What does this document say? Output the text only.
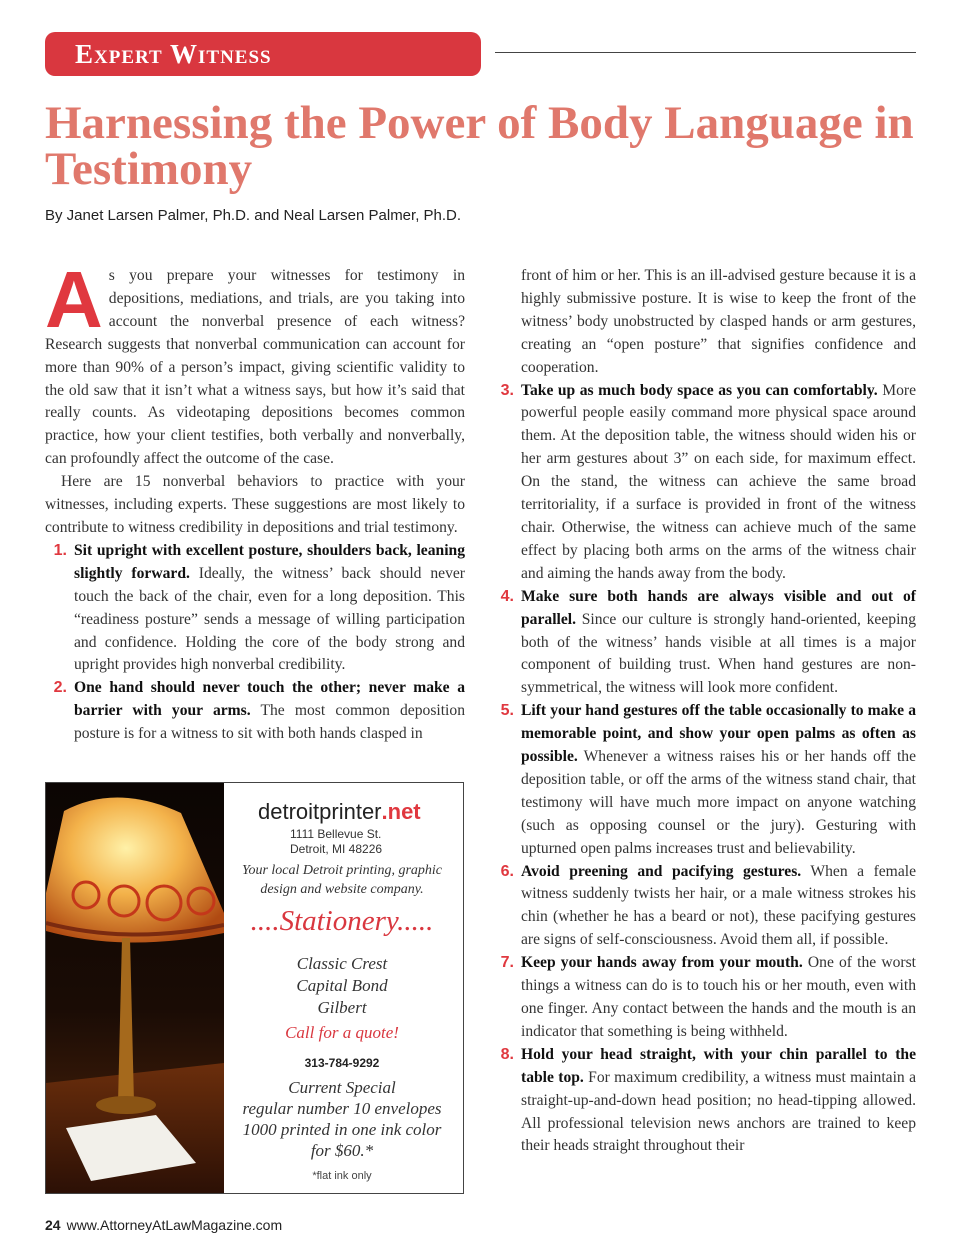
Expert Witness
Harnessing the Power of Body Language in Testimony
By Janet Larsen Palmer, Ph.D. and Neal Larsen Palmer, Ph.D.

As you prepare your witnesses for testimony in depositions, mediations, and trials, are you taking into account the nonverbal presence of each witness? Research suggests that nonverbal communication can account for more than 90% of a person’s impact, giving scientific validity to the old saw that it isn’t what a witness says, but how it’s said that really counts. As videotaping depositions becomes common practice, how your client testifies, both verbally and nonverbally, can profoundly affect the outcome of the case.

Here are 15 nonverbal behaviors to practice with your witnesses, including experts. These suggestions are most likely to contribute to witness credibility in depositions and trial testimony.

1. Sit upright with excellent posture, shoulders back, leaning slightly forward. Ideally, the witness’ back should never touch the back of the chair, even for a long deposition. This “readiness posture” sends a message of willing participation and confidence. Holding the core of the body strong and upright provides high nonverbal credibility.

2. One hand should never touch the other; never make a barrier with your arms. The most common deposition posture is for a witness to sit with both hands clasped in

front of him or her. This is an ill-advised gesture because it is a highly submissive posture. It is wise to keep the front of the witness’ body unobstructed by clasped hands or arm gestures, creating an “open posture” that signifies confidence and cooperation.

3. Take up as much body space as you can comfortably. More powerful people easily command more physical space around them. At the deposition table, the witness should widen his or her arm gestures about 3” on each side, for maximum effect. On the stand, the witness can achieve the same broad territoriality, if a surface is provided in front of the witness chair. Otherwise, the witness can achieve much of the same effect by placing both arms on the arms of the witness chair and aiming the hands away from the body.

4. Make sure both hands are always visible and out of parallel. Since our culture is strongly hand-oriented, keeping both of the witness’ hands visible at all times is a major component of building trust. When hand gestures are non-symmetrical, the witness will look more confident.

5. Lift your hand gestures off the table occasionally to make a memorable point, and show your open palms as often as possible. Whenever a witness raises his or her hands off the deposition table, or off the arms of the witness stand chair, that testimony will have much more impact on anyone watching (such as opposing counsel or the jury). Gesturing with upturned open palms increases trust and believability.

6. Avoid preening and pacifying gestures. When a female witness suddenly twists her hair, or a male witness strokes his chin (whether he has a beard or not), these pacifying gestures are signs of self-consciousness. Avoid them all, if possible.

7. Keep your hands away from your mouth. One of the worst things a witness can do is to touch his or her mouth, even with one finger. Any contact between the hands and the mouth is an indicator that something is being withheld.

8. Hold your head straight, with your chin parallel to the table top. For maximum credibility, a witness must maintain a straight-up-and-down head position; no head-tipping allowed. All professional television news anchors are trained to keep their heads straight throughout their

detroitprinter.net
1111 Bellevue St.
Detroit, MI 48226
Your local Detroit printing, graphic design and website company.
....Stationery.....
Classic Crest
Capital Bond
Gilbert
Call for a quote!
313-784-9292
Current Special
regular number 10 envelopes
1000 printed in one ink color
for $60.*
*flat ink only
24 www.AttorneyAtLawMagazine.com
